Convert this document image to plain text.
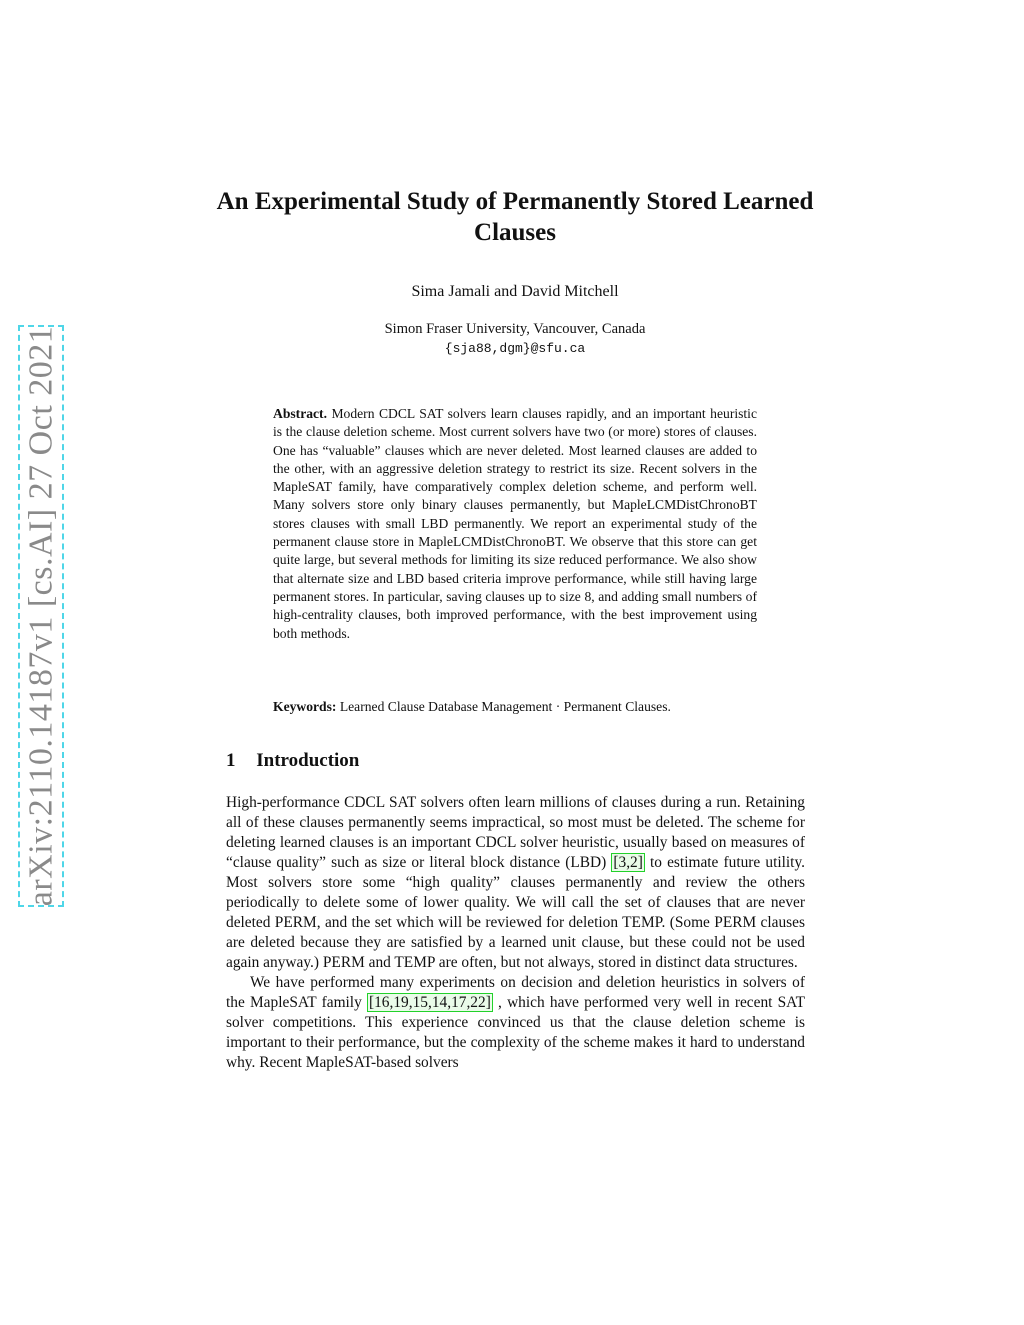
arXiv:2110.14187v1 [cs.AI] 27 Oct 2021
An Experimental Study of Permanently Stored Learned Clauses
Sima Jamali and David Mitchell
Simon Fraser University, Vancouver, Canada
{sja88,dgm}@sfu.ca
Abstract. Modern CDCL SAT solvers learn clauses rapidly, and an important heuristic is the clause deletion scheme. Most current solvers have two (or more) stores of clauses. One has “valuable” clauses which are never deleted. Most learned clauses are added to the other, with an aggressive deletion strategy to restrict its size. Recent solvers in the MapleSAT family, have comparatively complex deletion scheme, and perform well. Many solvers store only binary clauses permanently, but MapleLCMDistChronoBT stores clauses with small LBD permanently. We report an experimental study of the permanent clause store in MapleLCMDistChronoBT. We observe that this store can get quite large, but several methods for limiting its size reduced performance. We also show that alternate size and LBD based criteria improve performance, while still having large permanent stores. In particular, saving clauses up to size 8, and adding small numbers of high-centrality clauses, both improved performance, with the best improvement using both methods.
Keywords: Learned Clause Database Management · Permanent Clauses.
1 Introduction

High-performance CDCL SAT solvers often learn millions of clauses during a run. Retaining all of these clauses permanently seems impractical, so most must be deleted. The scheme for deleting learned clauses is an important CDCL solver heuristic, usually based on measures of “clause quality” such as size or literal block distance (LBD) [3,2] to estimate future utility. Most solvers store some “high quality” clauses permanently and review the others periodically to delete some of lower quality. We will call the set of clauses that are never deleted PERM, and the set which will be reviewed for deletion TEMP. (Some PERM clauses are deleted because they are satisfied by a learned unit clause, but these could not be used again anyway.) PERM and TEMP are often, but not always, stored in distinct data structures.

We have performed many experiments on decision and deletion heuristics in solvers of the MapleSAT family [16,19,15,14,17,22] , which have performed very well in recent SAT solver competitions. This experience convinced us that the clause deletion scheme is important to their performance, but the complexity of the scheme makes it hard to understand why. Recent MapleSAT-based solvers
